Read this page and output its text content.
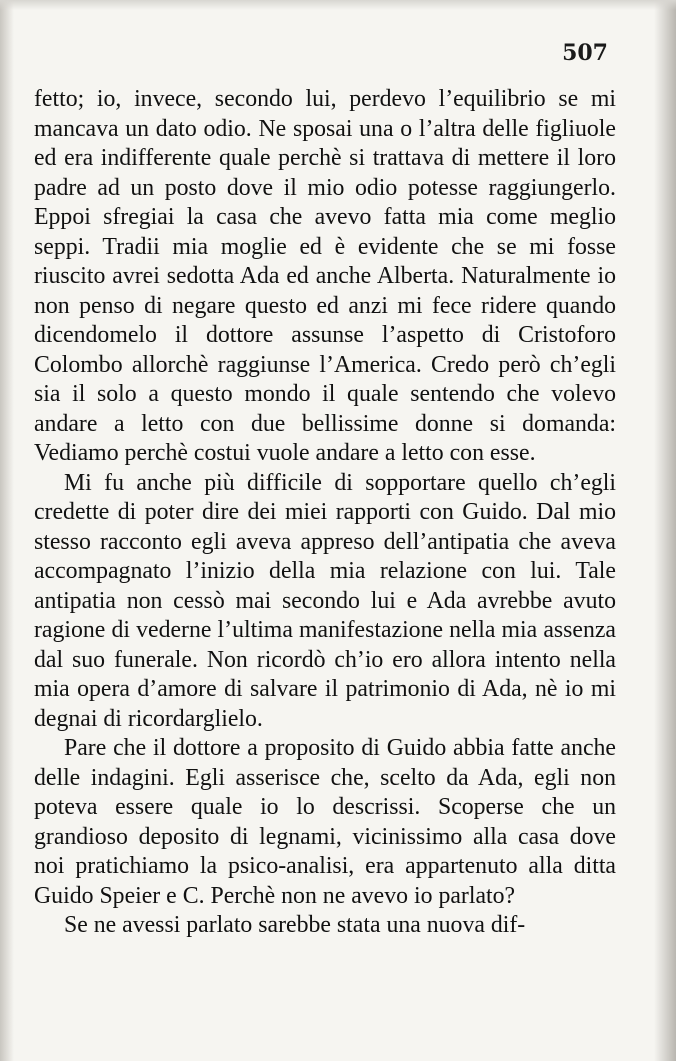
507

fetto; io, invece, secondo lui, perdevo l’equilibrio se mi mancava un dato odio. Ne sposai una o l’altra delle figliuole ed era indifferente quale perchè si trattava di mettere il loro padre ad un posto dove il mio odio potesse raggiungerlo. Eppoi sfregiai la casa che avevo fatta mia come meglio seppi. Tradii mia moglie ed è evidente che se mi fosse riuscito avrei sedotta Ada ed anche Alberta. Naturalmente io non penso di negare questo ed anzi mi fece ridere quando dicendomelo il dottore assunse l’aspetto di Cristoforo Colombo allorchè raggiunse l’America. Credo però ch’egli sia il solo a questo mondo il quale sentendo che volevo andare a letto con due bellissime donne si domanda: Vediamo perchè costui vuole andare a letto con esse.

Mi fu anche più difficile di sopportare quello ch’egli credette di poter dire dei miei rapporti con Guido. Dal mio stesso racconto egli aveva appreso dell’antipatia che aveva accompagnato l’inizio della mia relazione con lui. Tale antipatia non cessò mai secondo lui e Ada avrebbe avuto ragione di vederne l’ultima manifestazione nella mia assenza dal suo funerale. Non ricordò ch’io ero allora intento nella mia opera d’amore di salvare il patrimonio di Ada, nè io mi degnai di ricordarglielo.

Pare che il dottore a proposito di Guido abbia fatte anche delle indagini. Egli asserisce che, scelto da Ada, egli non poteva essere quale io lo descrissi. Scoperse che un grandioso deposito di legnami, vicinissimo alla casa dove noi pratichiamo la psico-analisi, era appartenuto alla ditta Guido Speier e C. Perchè non ne avevo io parlato?

Se ne avessi parlato sarebbe stata una nuova dif-
